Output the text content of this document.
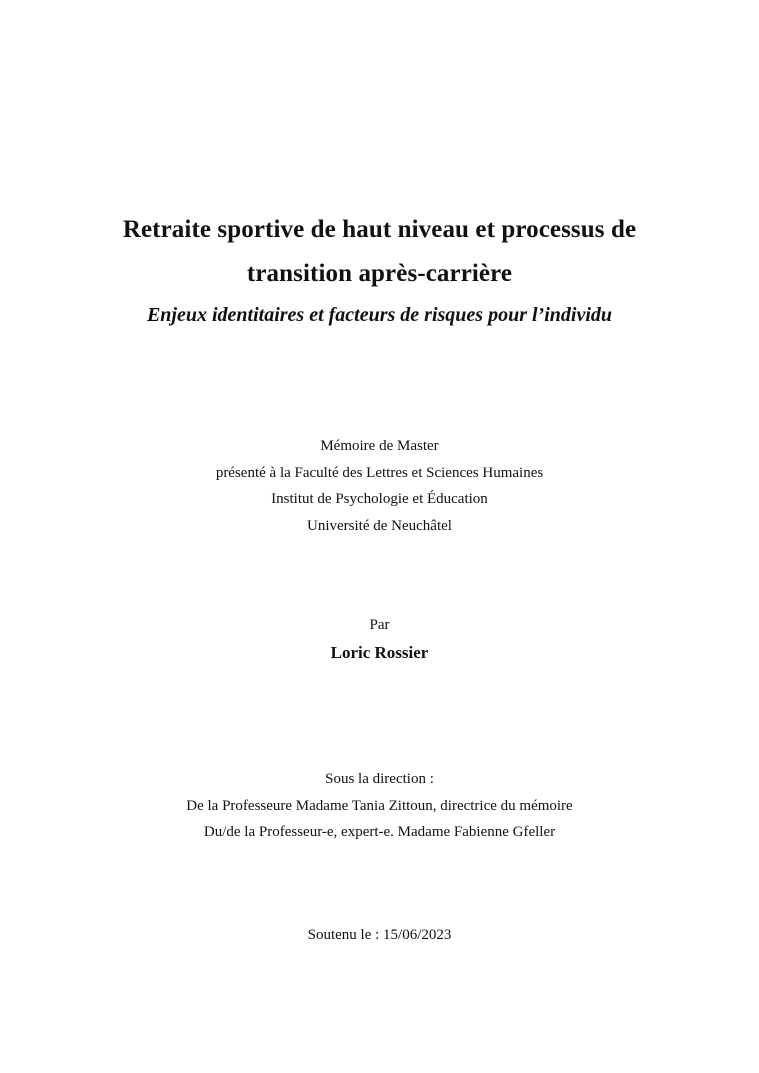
Retraite sportive de haut niveau et processus de
transition après-carrière
Enjeux identitaires et facteurs de risques pour l’individu
Mémoire de Master
présenté à la Faculté des Lettres et Sciences Humaines
Institut de Psychologie et Éducation
Université de Neuchâtel
Par
Loric Rossier
Sous la direction :
De la Professeure Madame Tania Zittoun, directrice du mémoire
Du/de la Professeur-e, expert-e. Madame Fabienne Gfeller
Soutenu le : 15/06/2023
